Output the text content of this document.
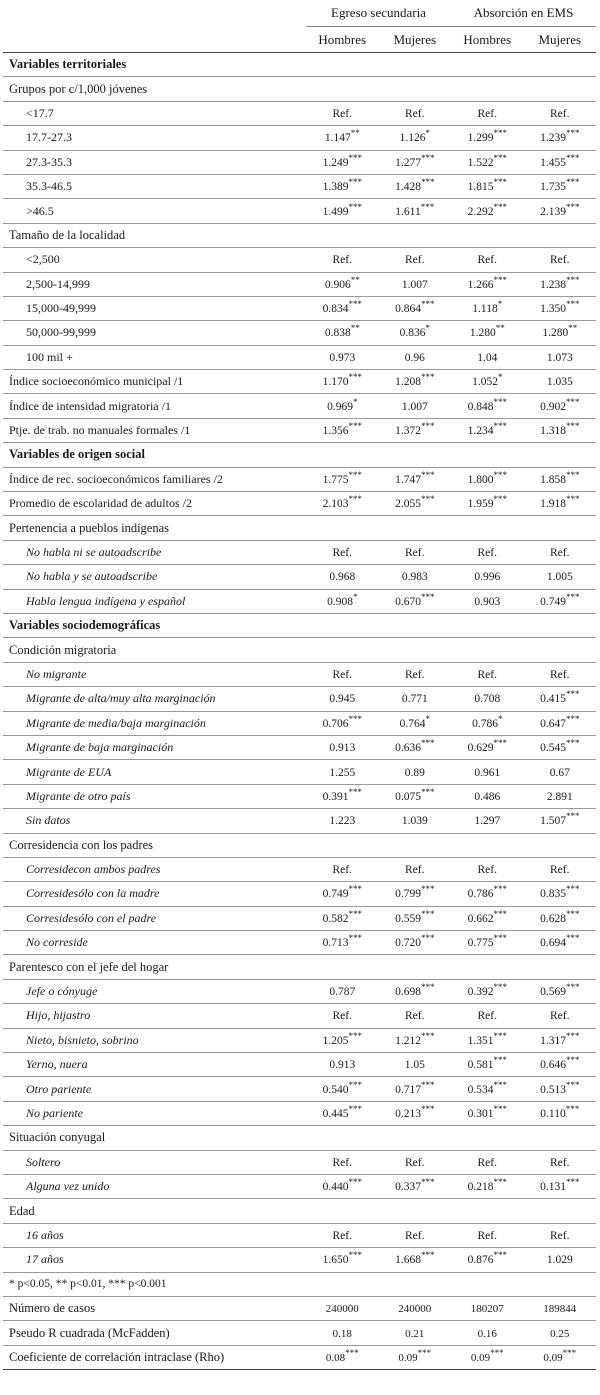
	Egreso secundaria		Absorción en EMS	
	Hombres	Mujeres	Hombres	Mujeres
Variables territoriales				
Grupos por c/1,000 jóvenes				
<17.7	Ref.	Ref.	Ref.	Ref.
17.7-27.3	1.147**	1.126*	1.299***	1.239***
27.3-35.3	1.249***	1.277***	1.522***	1.455***
35.3-46.5	1.389***	1.428***	1.815***	1.735***
>46.5	1.499***	1.611***	2.292***	2.139***
Tamaño de la localidad				
<2,500	Ref.	Ref.	Ref.	Ref.
2,500-14,999	0.906**	1.007	1.266***	1.238***
15,000-49,999	0.834***	0.864***	1.118*	1.350***
50,000-99,999	0.838**	0.836*	1.280**	1.280**
100 mil +	0.973	0.96	1.04	1.073
Índice socioeconómico municipal /1	1.170***	1.208***	1.052*	1.035
Índice de intensidad migratoria /1	0.969*	1.007	0.848***	0.902***
Ptje. de trab. no manuales formales /1	1.356***	1.372***	1.234***	1.318***
Variables de origen social				
Índice de rec. socioeconómicos familiares /2	1.775***	1.747***	1.800***	1.858***
Promedio de escolaridad de adultos /2	2.103***	2.055***	1.959***	1.918***
Pertenencia a pueblos indígenas				
No habla ni se autoadscribe	Ref.	Ref.	Ref.	Ref.
No habla y se autoadscribe	0.968	0.983	0.996	1.005
Habla lengua indígena y español	0.908*	0.670***	0.903	0.749***
Variables sociodemográficas				
Condición migratoria				
No migrante	Ref.	Ref.	Ref.	Ref.
Migrante de alta/muy alta marginación	0.945	0.771	0.708	0.415***
Migrante de media/baja marginación	0.706***	0.764*	0.786*	0.647***
Migrante de baja marginación	0.913	0.636***	0.629***	0.545***
Migrante de EUA	1.255	0.89	0.961	0.67
Migrante de otro país	0.391***	0.075***	0.486	2.891
Sin datos	1.223	1.039	1.297	1.507***
Corresidencia con los padres				
Corresidecon ambos padres	Ref.	Ref.	Ref.	Ref.
Corresidesólo con la madre	0.749***	0.799***	0.786***	0.835***
Corresidesólo con el padre	0.582***	0.559***	0.662***	0.628***
No corresidе	0.713***	0.720***	0.775***	0.694***
Parentesco con el jefe del hogar				
Jefe o cónyuge	0.787	0.698***	0.392***	0.569***
Hijo, hijastro	Ref.	Ref.	Ref.	Ref.
Nieto, bisnieto, sobrino	1.205***	1.212***	1.351***	1.317***
Yerno, nuera	0.913	1.05	0.581***	0.646***
Otro pariente	0.540***	0.717***	0.534***	0.513***
No pariente	0.445***	0.213***	0.301***	0.110***
Situación conyugal				
Soltero	Ref.	Ref.	Ref.	Ref.
Alguna vez unido	0.440***	0.337***	0.218***	0.131***
Edad				
16 años	Ref.	Ref.	Ref.	Ref.
17 años	1.650***	1.668***	0.876***	1.029
* p<0.05, ** p<0.01, *** p<0.001				
Número de casos	240000	240000	180207	189844
Pseudo R cuadrada (McFadden)	0.18	0.21	0.16	0.25
Coeficiente de correlación intraclase (Rho)	0.08***	0.09***	0.09***	0.09***
